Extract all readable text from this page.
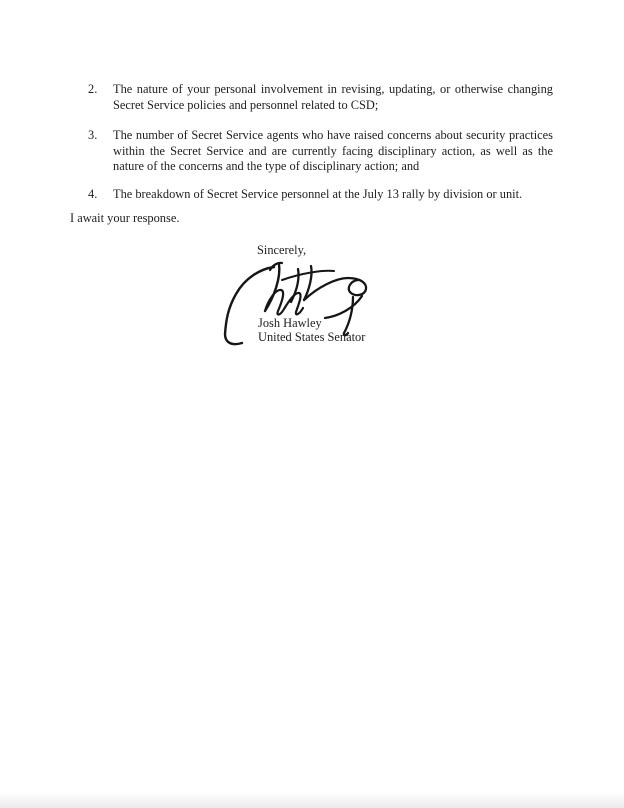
2.	The nature of your personal involvement in revising, updating, or otherwise changing Secret Service policies and personnel related to CSD;
3.	The number of Secret Service agents who have raised concerns about security practices within the Secret Service and are currently facing disciplinary action, as well as the nature of the concerns and the type of disciplinary action; and
4.	The breakdown of Secret Service personnel at the July 13 rally by division or unit.

I await your response.

Sincerely,

Josh Hawley

United States Senator
